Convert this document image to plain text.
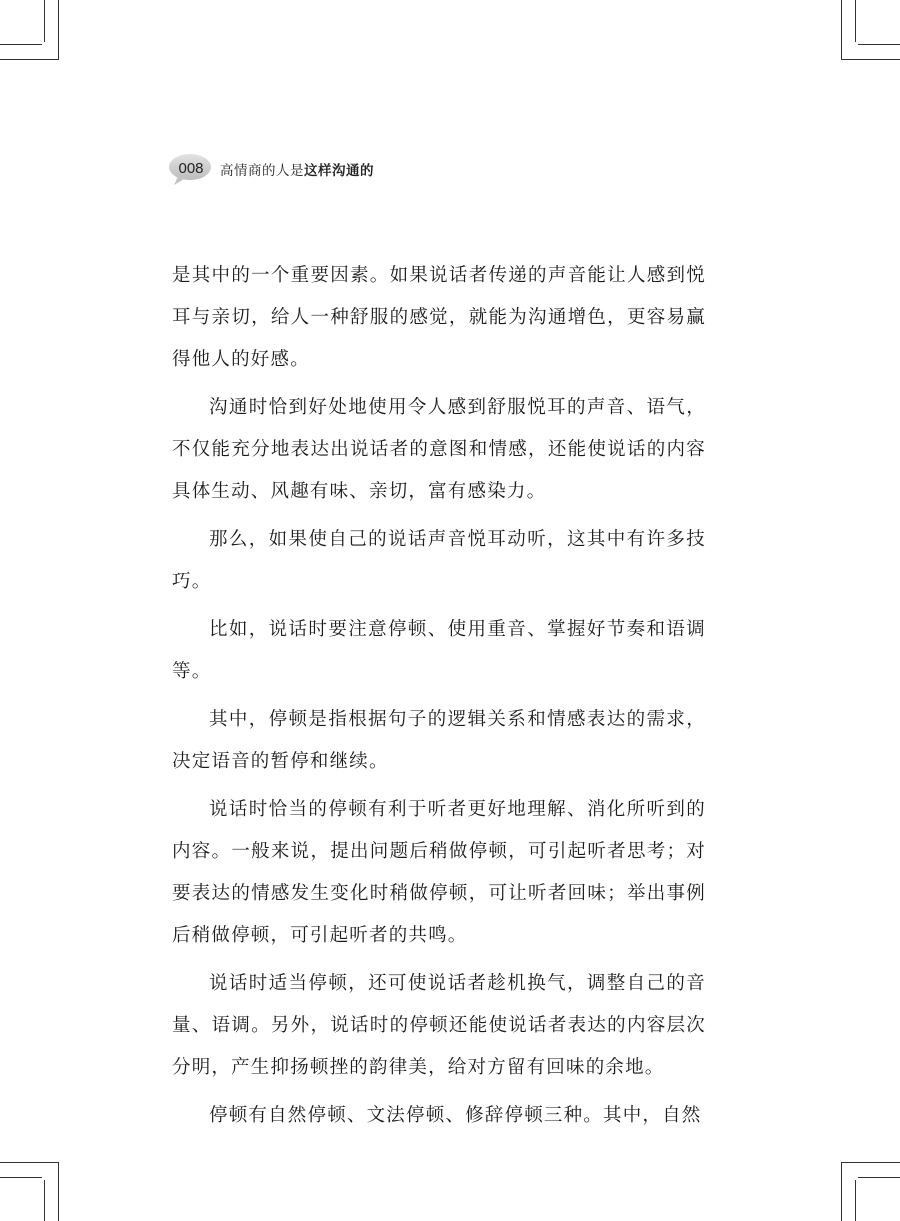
008	高情商的人是这样沟通的

是其中的一个重要因素。如果说话者传递的声音能让人感到悦耳与亲切，给人一种舒服的感觉，就能为沟通增色，更容易赢得他人的好感。

沟通时恰到好处地使用令人感到舒服悦耳的声音、语气，不仅能充分地表达出说话者的意图和情感，还能使说话的内容具体生动、风趣有味、亲切，富有感染力。

那么，如果使自己的说话声音悦耳动听，这其中有许多技巧。

比如，说话时要注意停顿、使用重音、掌握好节奏和语调等。

其中，停顿是指根据句子的逻辑关系和情感表达的需求，决定语音的暂停和继续。

说话时恰当的停顿有利于听者更好地理解、消化所听到的内容。一般来说，提出问题后稍做停顿，可引起听者思考；对要表达的情感发生变化时稍做停顿，可让听者回味；举出事例后稍做停顿，可引起听者的共鸣。

说话时适当停顿，还可使说话者趁机换气，调整自己的音量、语调。另外，说话时的停顿还能使说话者表达的内容层次分明，产生抑扬顿挫的韵律美，给对方留有回味的余地。

停顿有自然停顿、文法停顿、修辞停顿三种。其中，自然
